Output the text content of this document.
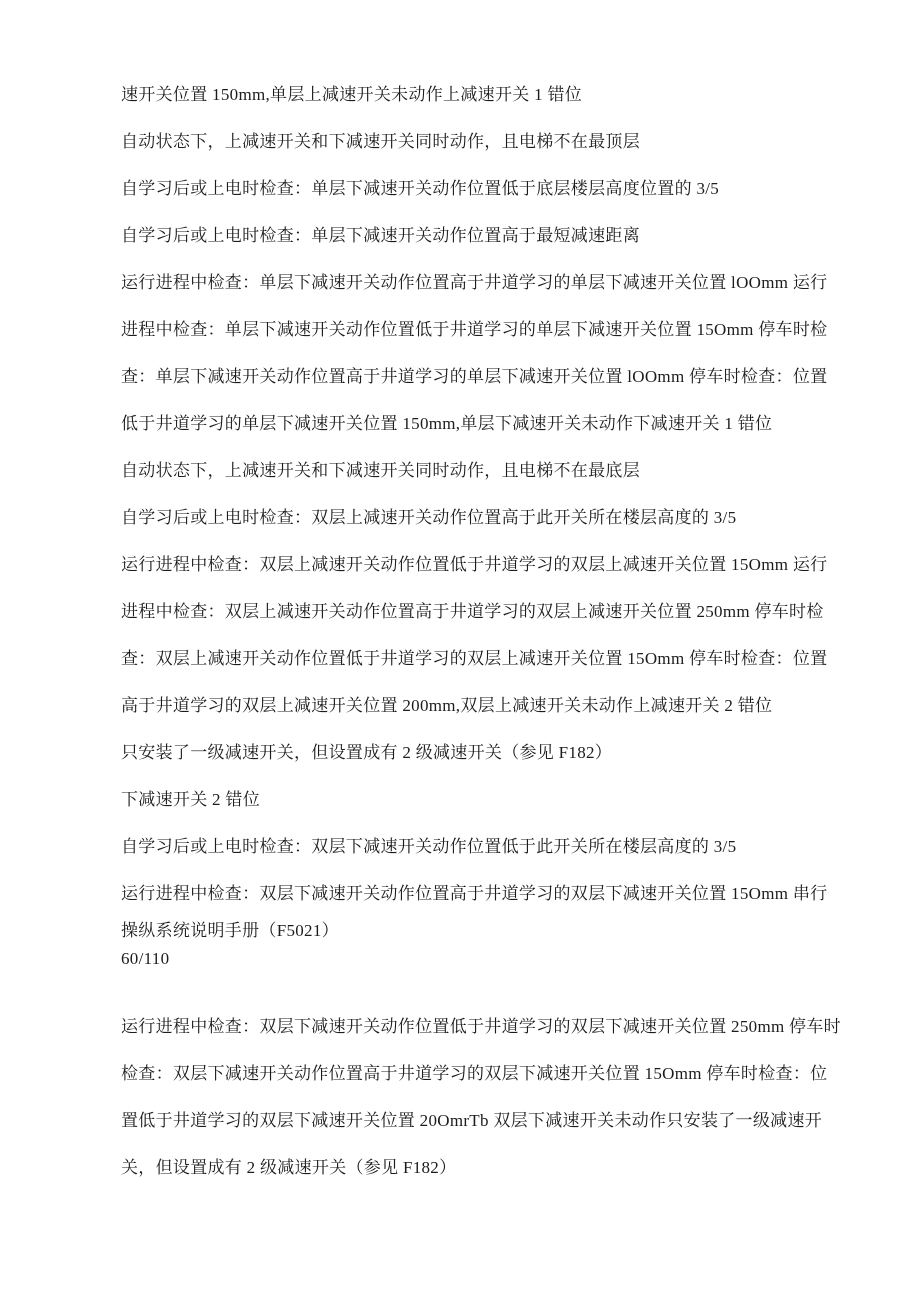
速开关位置 150mm,单层上减速开关未动作上减速开关 1 错位
自动状态下，上减速开关和下减速开关同时动作，且电梯不在最顶层
自学习后或上电时检查：单层下减速开关动作位置低于底层楼层高度位置的 3/5
自学习后或上电时检查：单层下减速开关动作位置高于最短减速距离
运行进程中检查：单层下减速开关动作位置高于井道学习的单层下减速开关位置 lOOmm 运行
进程中检查：单层下减速开关动作位置低于井道学习的单层下减速开关位置 15Omm 停车时检
查：单层下减速开关动作位置高于井道学习的单层下减速开关位置 lOOmm 停车时检查：位置
低于井道学习的单层下减速开关位置 150mm,单层下减速开关未动作下减速开关 1 错位
自动状态下，上减速开关和下减速开关同时动作，且电梯不在最底层
自学习后或上电时检查：双层上减速开关动作位置高于此开关所在楼层高度的 3/5
运行进程中检查：双层上减速开关动作位置低于井道学习的双层上减速开关位置 15Omm 运行
进程中检查：双层上减速开关动作位置高于井道学习的双层上减速开关位置 250mm 停车时检
查：双层上减速开关动作位置低于井道学习的双层上减速开关位置 15Omm 停车时检查：位置
高于井道学习的双层上减速开关位置 200mm,双层上减速开关未动作上减速开关 2 错位
只安装了一级减速开关，但设置成有 2 级减速开关（参见 F182）
下减速开关 2 错位
自学习后或上电时检查：双层下减速开关动作位置低于此开关所在楼层高度的 3/5
运行进程中检查：双层下减速开关动作位置高于井道学习的双层下减速开关位置 15Omm 串行
操纵系统说明手册（F5021）
60/110
运行进程中检查：双层下减速开关动作位置低于井道学习的双层下减速开关位置 250mm 停车时
检查：双层下减速开关动作位置高于井道学习的双层下减速开关位置 15Omm 停车时检查：位
置低于井道学习的双层下减速开关位置 20OmrTb 双层下减速开关未动作只安装了一级减速开
关，但设置成有 2 级减速开关（参见 F182）
